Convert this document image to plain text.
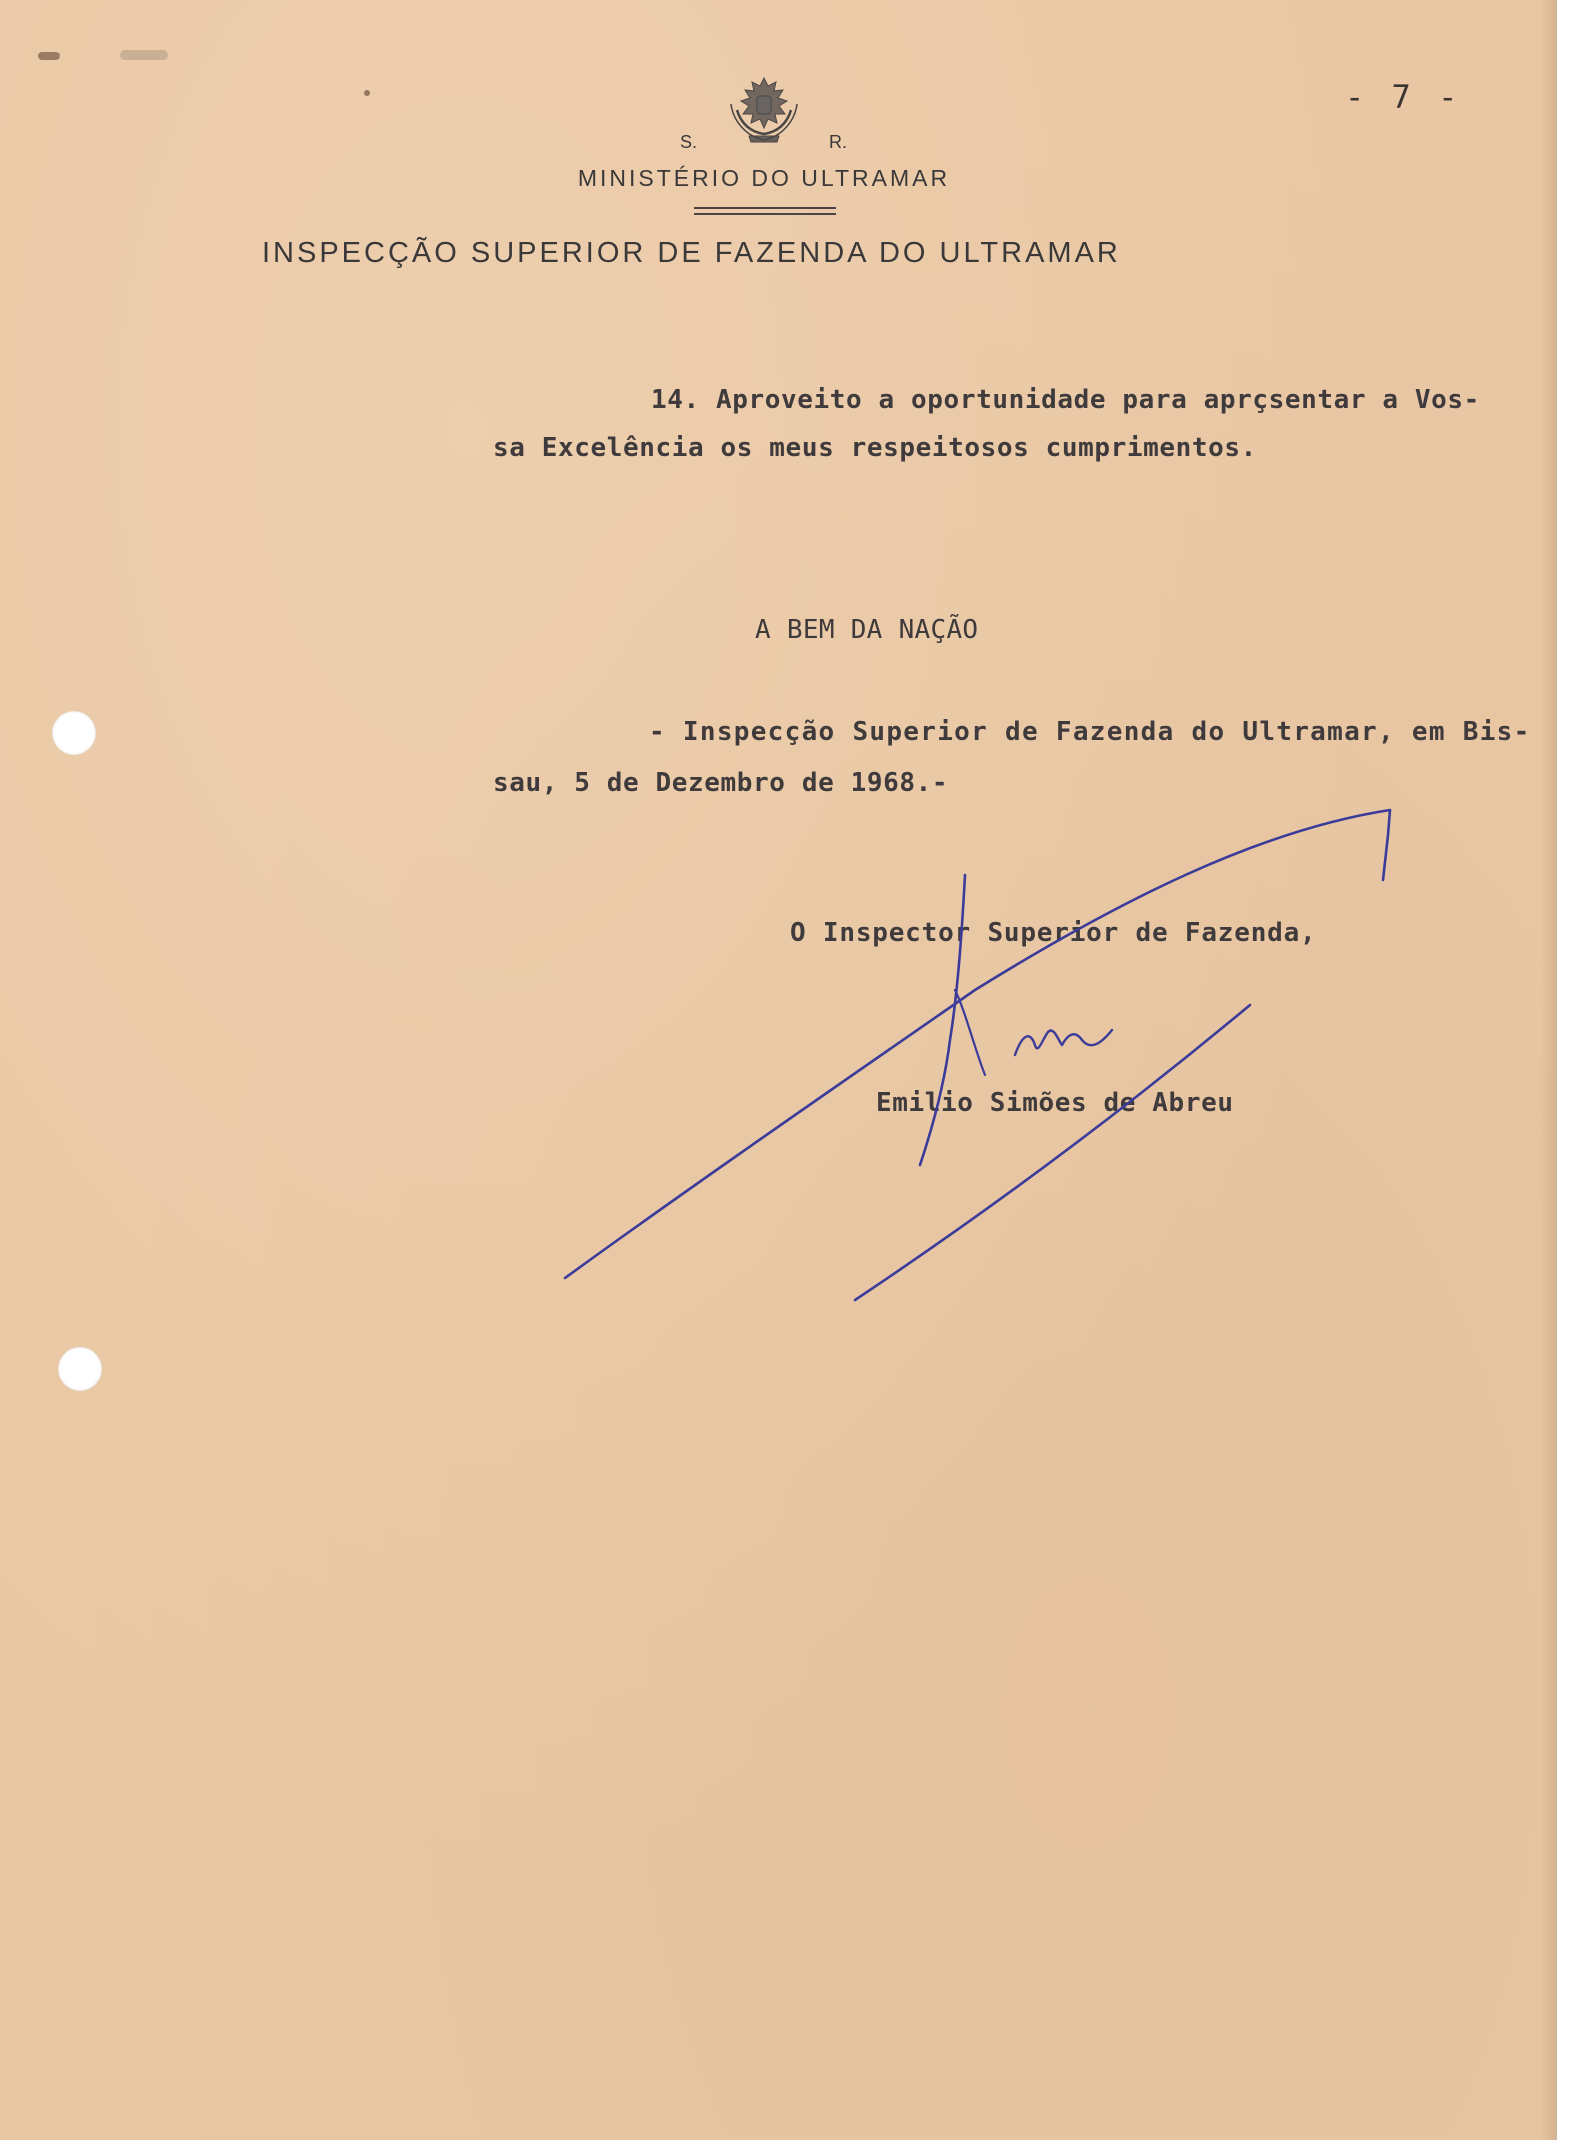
- 7 -
S.	R.
MINISTÉRIO DO ULTRAMAR
INSPECÇÃO SUPERIOR DE FAZENDA DO ULTRAMAR
14. Aproveito a oportunidade para aprçsentar a Vos-
sa Excelência os meus respeitosos cumprimentos.
A BEM DA NAÇÃO
- Inspecção Superior de Fazenda do Ultramar, em Bis-
sau, 5 de Dezembro de 1968.-
O Inspector Superior de Fazenda,
Emilio Simões de Abreu
